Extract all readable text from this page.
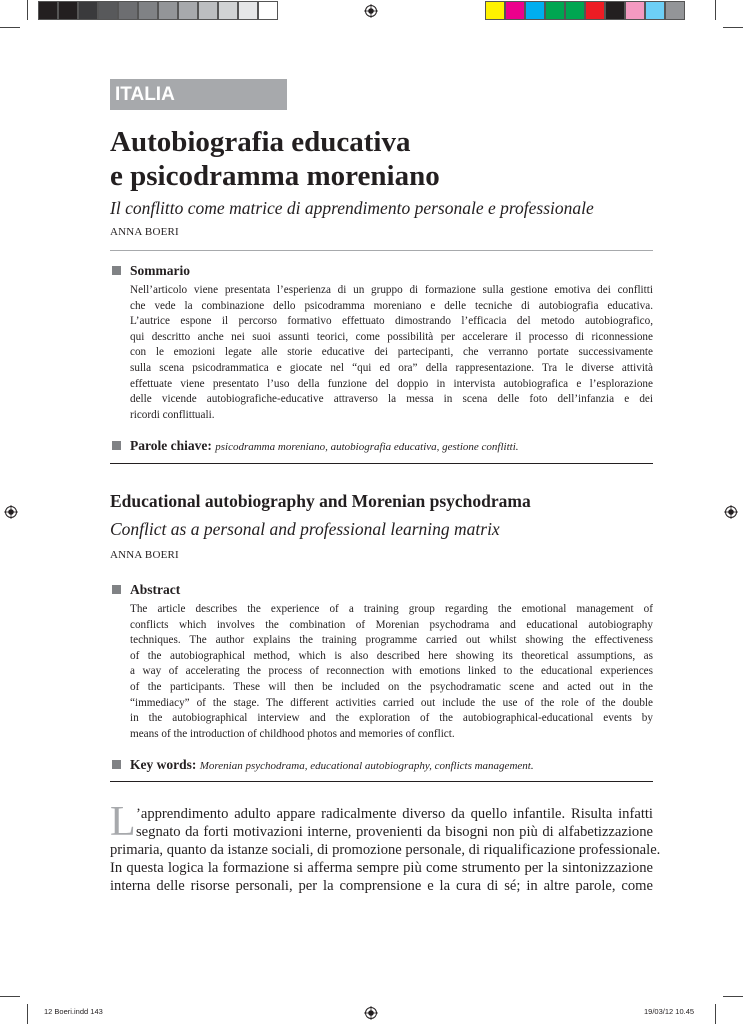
12 Boeri.indd 143	19/03/12 10.45
ITALIA
Autobiografia educativa
e psicodramma moreniano
Il conflitto come matrice di apprendimento personale e professionale
ANNA BOERI
Sommario
Nell’articolo viene presentata l’esperienza di un gruppo di formazione sulla gestione emotiva dei conflitti
che vede la combinazione dello psicodramma moreniano e delle tecniche di autobiografia educativa.
L’autrice espone il percorso formativo effettuato dimostrando l’efficacia del metodo autobiografico,
qui descritto anche nei suoi assunti teorici, come possibilità per accelerare il processo di riconnessione
con le emozioni legate alle storie educative dei partecipanti, che verranno portate successivamente
sulla scena psicodrammatica e giocate nel “qui ed ora” della rappresentazione. Tra le diverse attività
effettuate viene presentato l’uso della funzione del doppio in intervista autobiografica e l’esplorazione
delle vicende autobiografiche-educative attraverso la messa in scena delle foto dell’infanzia e dei
ricordi conflittuali.
Parole chiave: psicodramma moreniano, autobiografia educativa, gestione conflitti.
Educational autobiography and Morenian psychodrama
Conflict as a personal and professional learning matrix
ANNA BOERI
Abstract
The article describes the experience of a training group regarding the emotional management of
conflicts which involves the combination of Morenian psychodrama and educational autobiography
techniques. The author explains the training programme carried out whilst showing the effectiveness
of the autobiographical method, which is also described here showing its theoretical assumptions, as
a way of accelerating the process of reconnection with emotions linked to the educational experiences
of the participants. These will then be included on the psychodramatic scene and acted out in the
“immediacy” of the stage. The different activities carried out include the use of the role of the double
in the autobiographical interview and the exploration of the autobiographical-educational events by
means of the introduction of childhood photos and memories of conflict.
Key words: Morenian psychodrama, educational autobiography, conflicts management.
L ’apprendimento adulto appare radicalmente diverso da quello infantile. Risulta infatti
segnato da forti motivazioni interne, provenienti da bisogni non più di alfabetizzazione
primaria, quanto da istanze sociali, di promozione personale, di riqualificazione professionale.
In questa logica la formazione si afferma sempre più come strumento per la sintonizzazione
interna delle risorse personali, per la comprensione e la cura di sé; in altre parole, come
